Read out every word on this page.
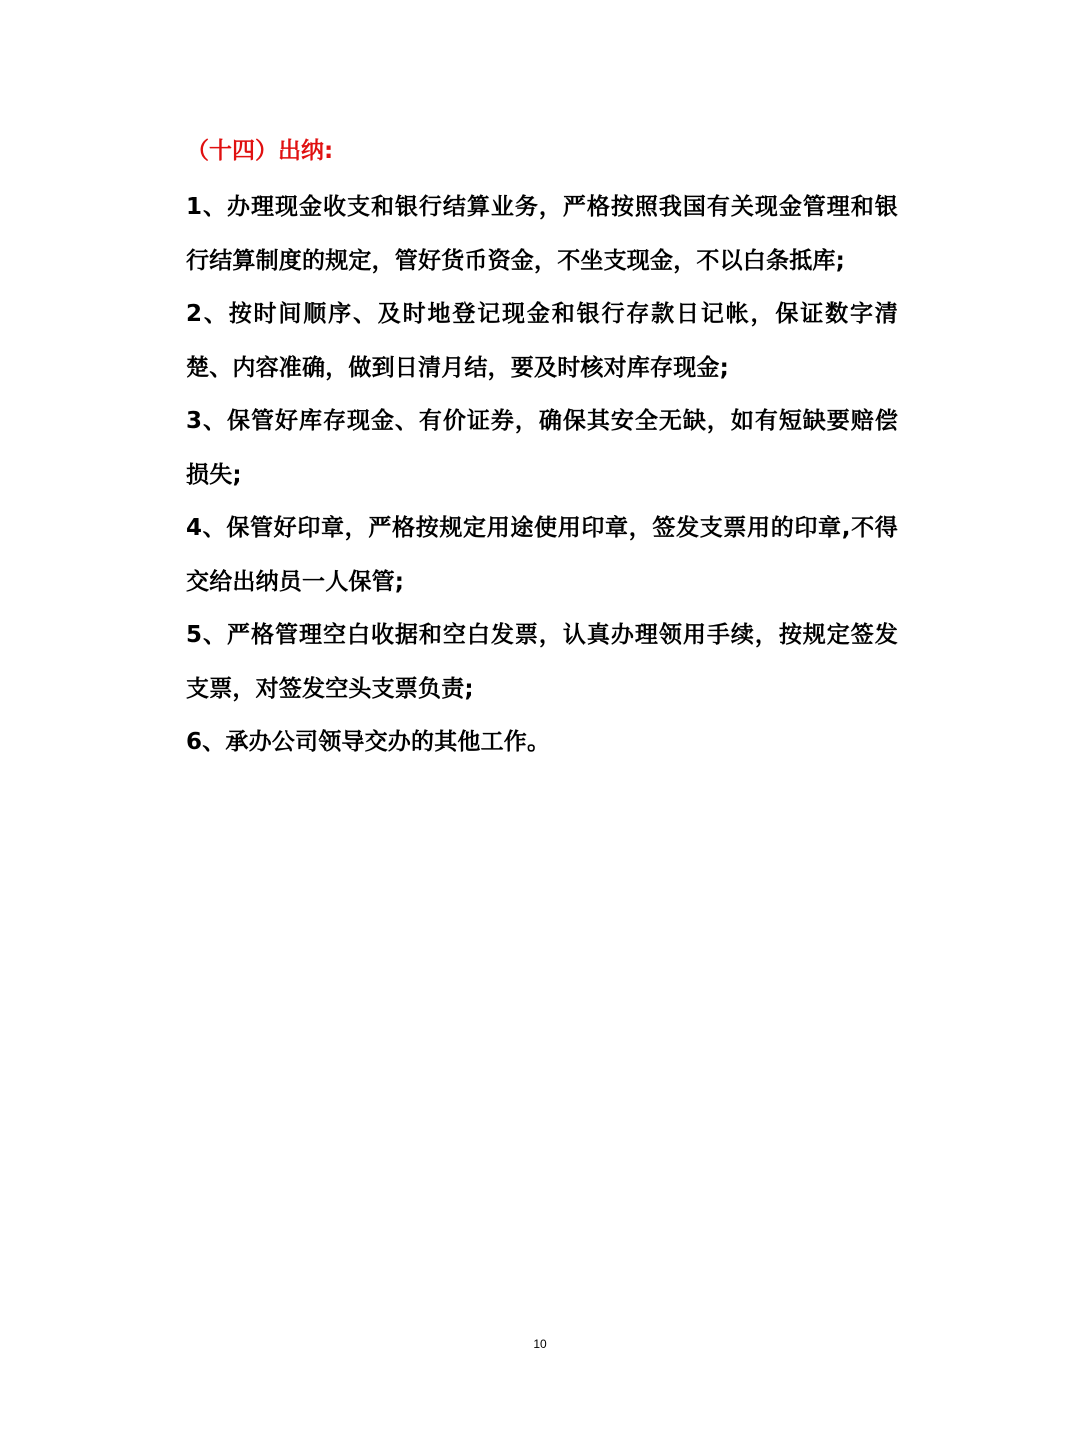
（十四）出纳:

1、办理现金收支和银行结算业务，严格按照我国有关现金管理和银行结算制度的规定，管好货币资金，不坐支现金，不以白条抵库;

2、按时间顺序、及时地登记现金和银行存款日记帐，保证数字清楚、内容准确，做到日清月结，要及时核对库存现金;

3、保管好库存现金、有价证券，确保其安全无缺，如有短缺要赔偿损失;

4、保管好印章，严格按规定用途使用印章，签发支票用的印章,不得交给出纳员一人保管;

5、严格管理空白收据和空白发票，认真办理领用手续，按规定签发支票，对签发空头支票负责;

6、承办公司领导交办的其他工作。

10
